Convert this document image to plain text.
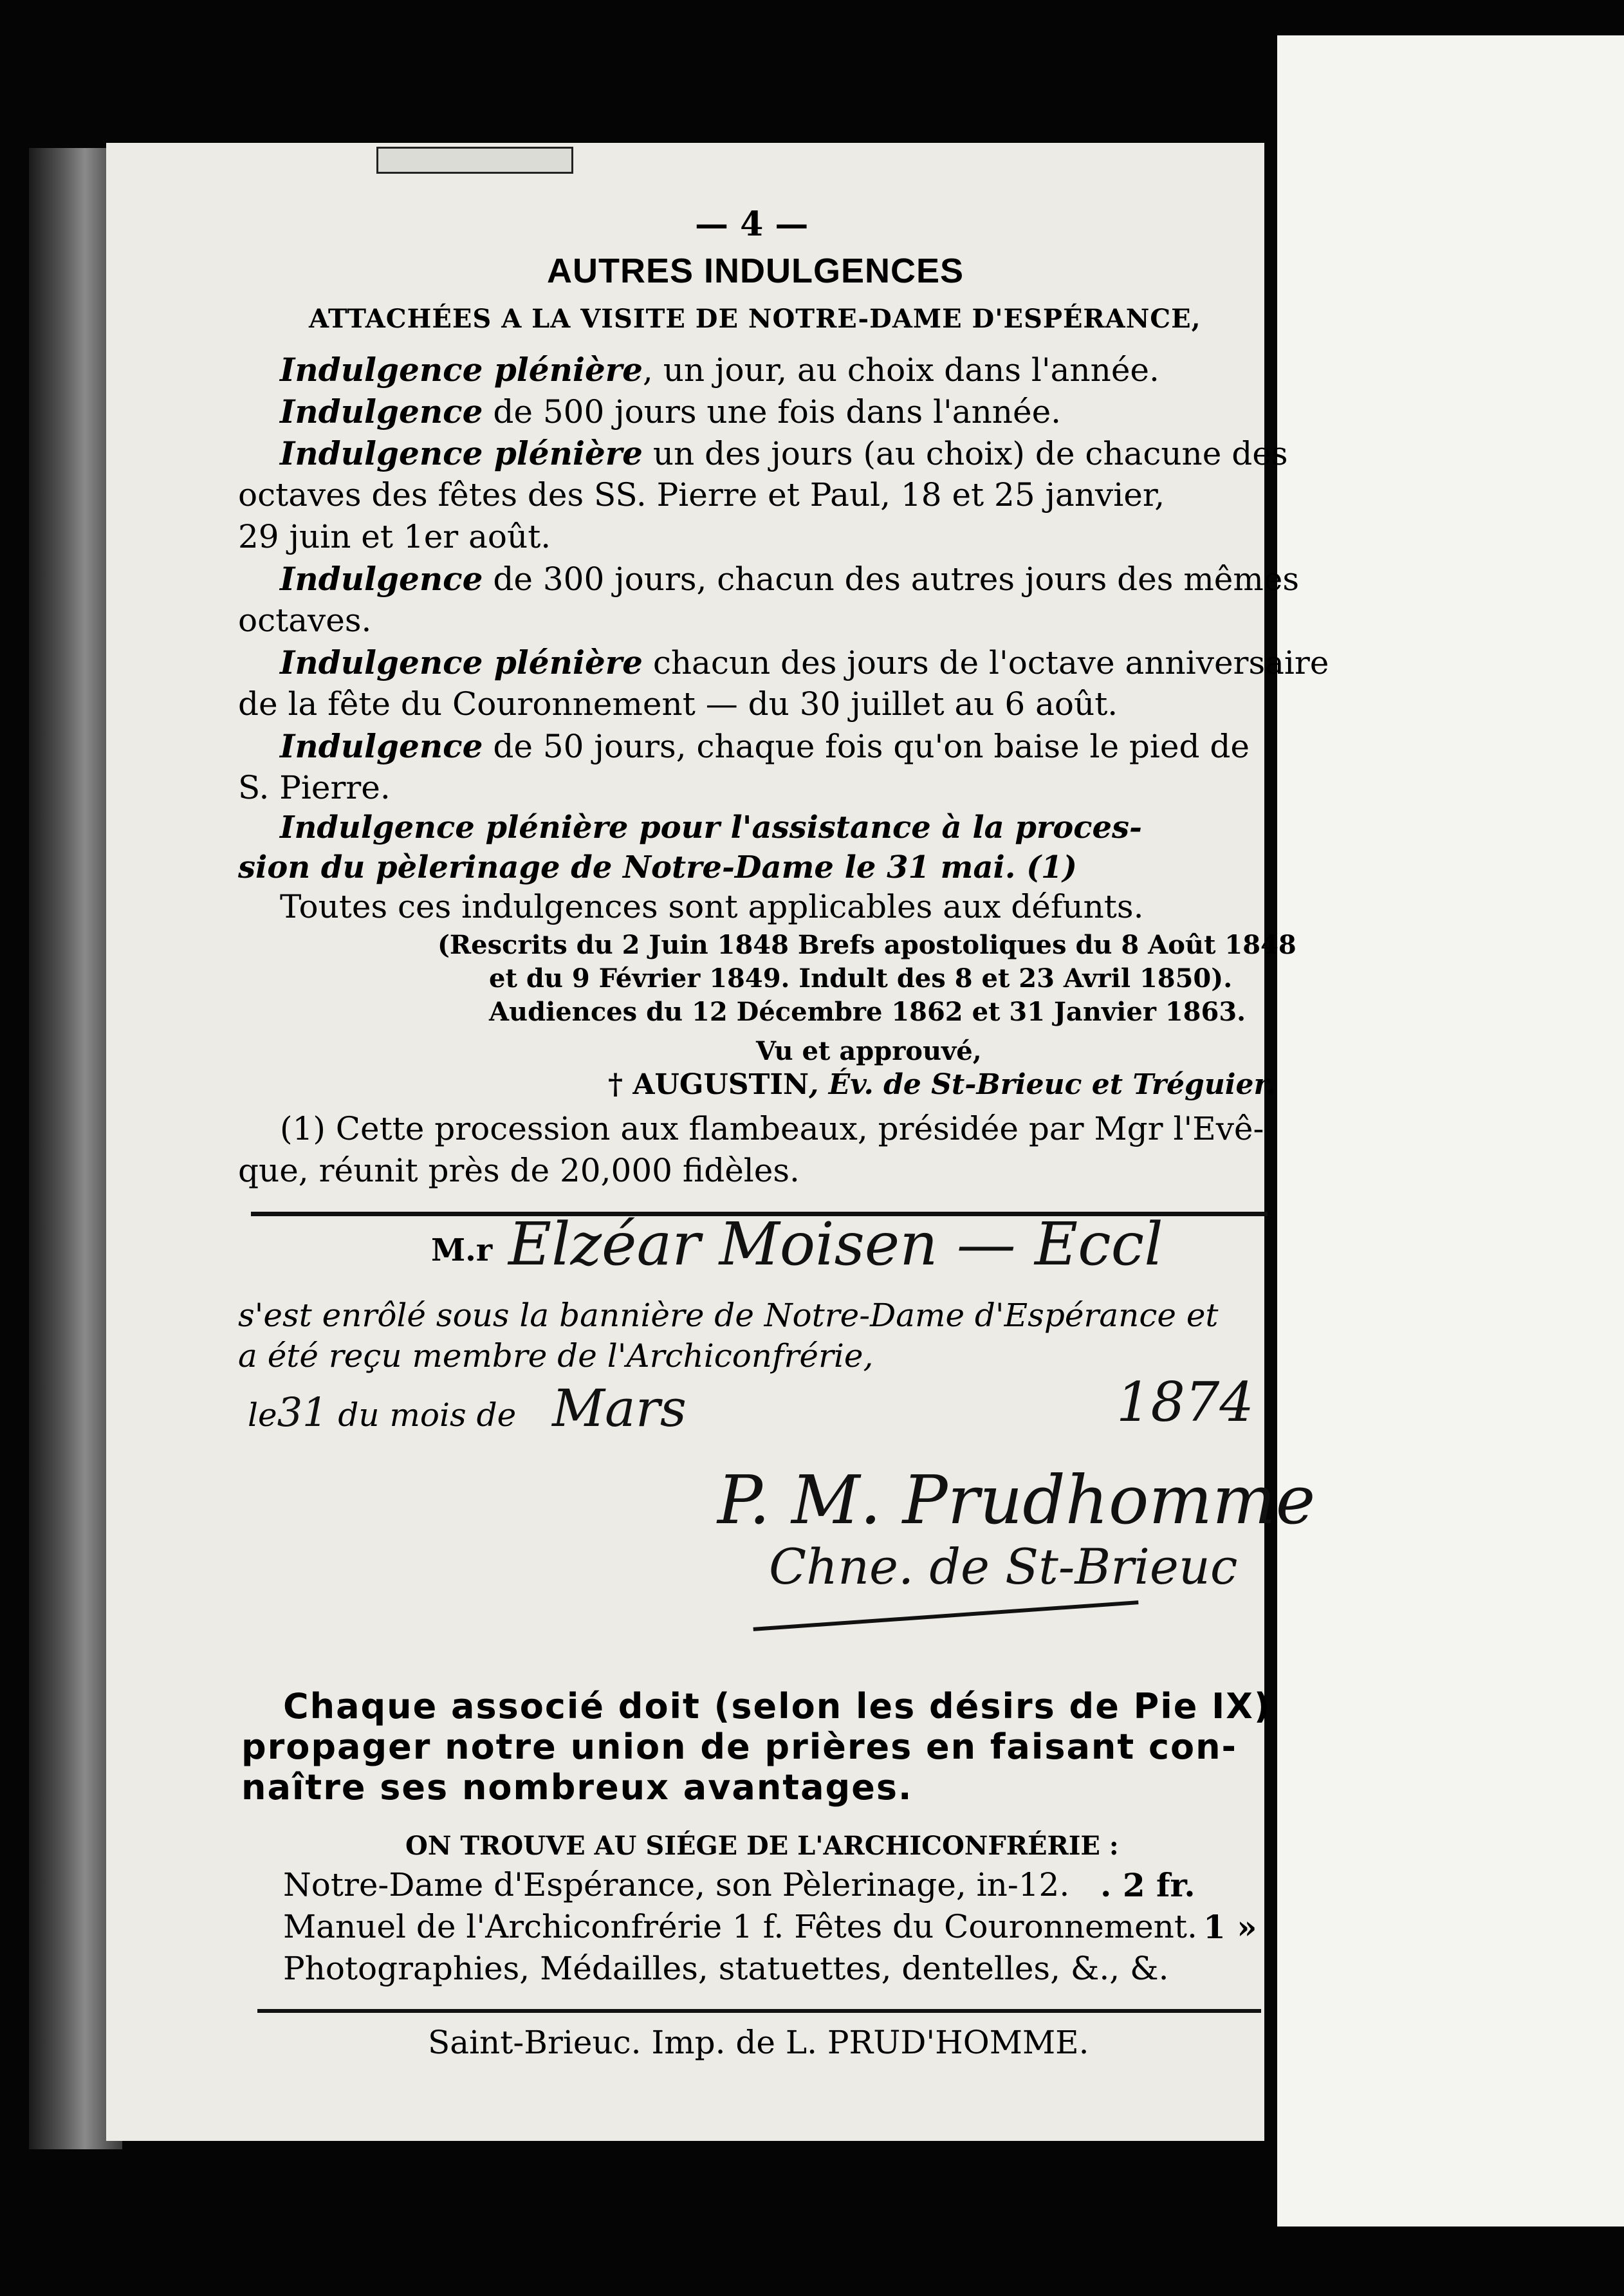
— 4 —
AUTRES INDULGENCES
ATTACHÉES A LA VISITE DE NOTRE-DAME D'ESPÉRANCE,
Indulgence plénière, un jour, au choix dans l'année.
Indulgence de 500 jours une fois dans l'année.
Indulgence plénière un des jours (au choix) de chacune des
octaves des fêtes des SS. Pierre et Paul, 18 et 25 janvier,
29 juin et 1er août.
Indulgence de 300 jours, chacun des autres jours des mêmes
octaves.
Indulgence plénière chacun des jours de l'octave anniversaire
de la fête du Couronnement — du 30 juillet au 6 août.
Indulgence de 50 jours, chaque fois qu'on baise le pied de
S. Pierre.
Indulgence plénière pour l'assistance à la proces-
sion du pèlerinage de Notre-Dame le 31 mai. (1)
Toutes ces indulgences sont applicables aux défunts.
(Rescrits du 2 Juin 1848 Brefs apostoliques du 8 Août 1848
et du 9 Février 1849. Indult des 8 et 23 Avril 1850).
Audiences du 12 Décembre 1862 et 31 Janvier 1863.
Vu et approuvé,
† AUGUSTIN, Év. de St-Brieuc et Tréguier.
(1) Cette procession aux flambeaux, présidée par Mgr l'Evê-
que, réunit près de 20,000 fidèles.
M.r Elzéar Moisen — Eccl
s'est enrôlé sous la bannière de Notre-Dame d'Espérance et
a été reçu membre de l'Archiconfrérie,
le31 du mois de Mars	1874
P. M. Prudhomme
Chne. de St-Brieuc
Chaque associé doit (selon les désirs de Pie IX)
propager notre union de prières en faisant con-
naître ses nombreux avantages.
ON TROUVE AU SIÉGE DE L'ARCHICONFRÉRIE :
Notre-Dame d'Espérance, son Pèlerinage, in-12. . 2 fr.
Manuel de l'Archiconfrérie 1 f. Fêtes du Couronnement. 1 »
Photographies, Médailles, statuettes, dentelles, &., &.
Saint-Brieuc. Imp. de L. PRUD'HOMME.
